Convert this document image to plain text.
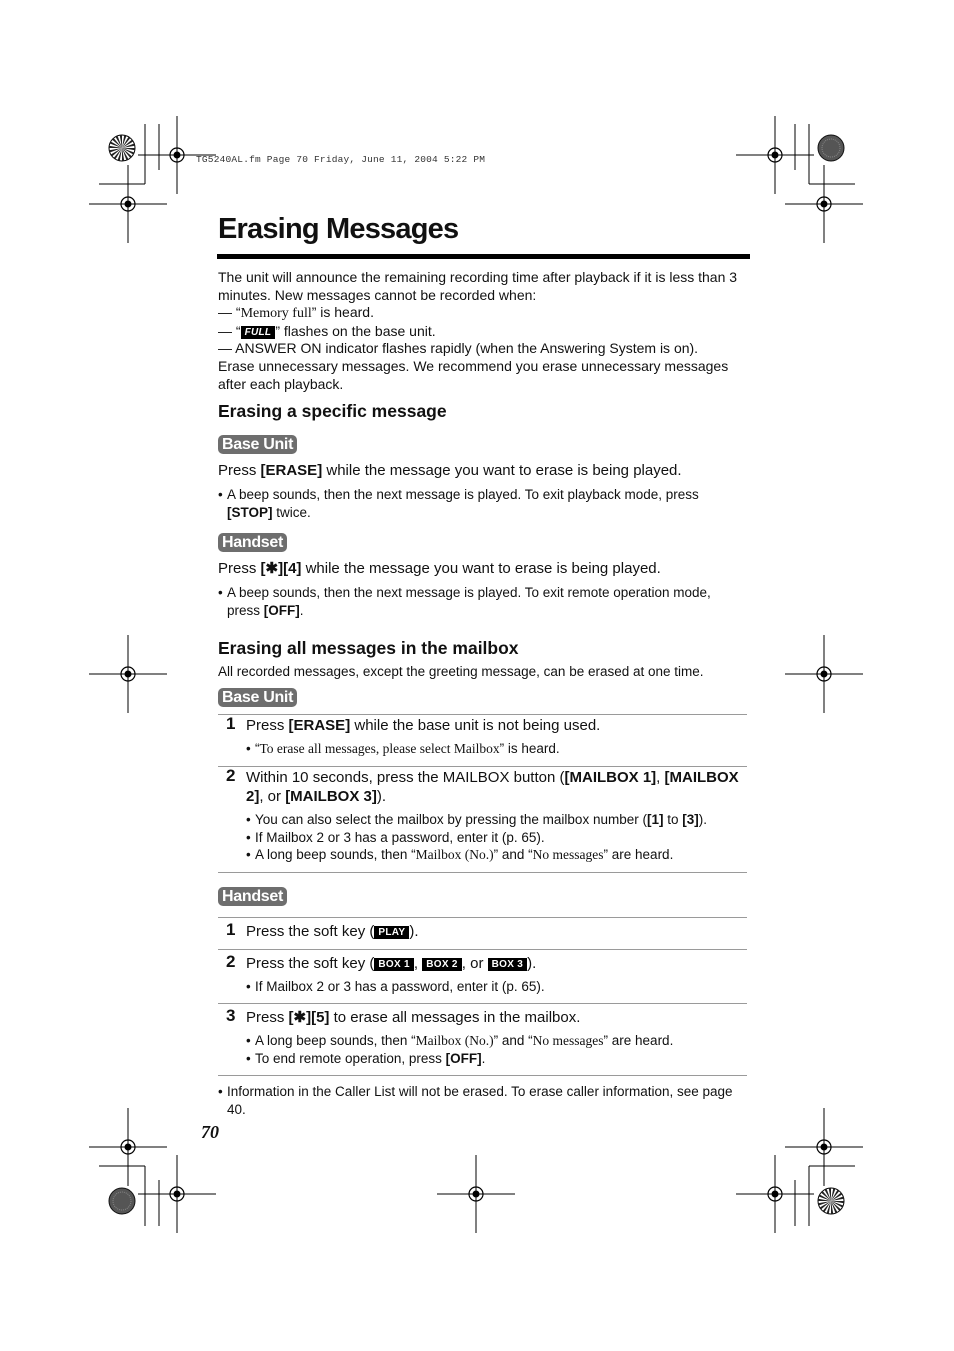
TG5240AL.fm Page 70 Friday, June 11, 2004 5:22 PM
Erasing Messages
The unit will announce the remaining recording time after playback if it is less than 3 minutes. New messages cannot be recorded when:
— “Memory full” is heard.
— “ FULL ” flashes on the base unit.
— ANSWER ON indicator flashes rapidly (when the Answering System is on).
Erase unnecessary messages. We recommend you erase unnecessary messages after each playback.
Erasing a specific message
Base Unit
Press [ERASE] while the message you want to erase is being played.
• A beep sounds, then the next message is played. To exit playback mode, press [STOP] twice.
Handset
Press [✱][4] while the message you want to erase is being played.
• A beep sounds, then the next message is played. To exit remote operation mode, press [OFF].
Erasing all messages in the mailbox
All recorded messages, except the greeting message, can be erased at one time.
Base Unit
1 Press [ERASE] while the base unit is not being used.
• “To erase all messages, please select Mailbox” is heard.
2 Within 10 seconds, press the MAILBOX button ([MAILBOX 1], [MAILBOX 2], or [MAILBOX 3]).
• You can also select the mailbox by pressing the mailbox number ([1] to [3]).
• If Mailbox 2 or 3 has a password, enter it (p. 65).
• A long beep sounds, then “Mailbox (No.)” and “No messages” are heard.
Handset
1 Press the soft key ( PLAY ).
2 Press the soft key ( BOX 1 , BOX 2 , or BOX 3 ).
• If Mailbox 2 or 3 has a password, enter it (p. 65).
3 Press [✱][5] to erase all messages in the mailbox.
• A long beep sounds, then “Mailbox (No.)” and “No messages” are heard.
• To end remote operation, press [OFF].
• Information in the Caller List will not be erased. To erase caller information, see page 40.
70
